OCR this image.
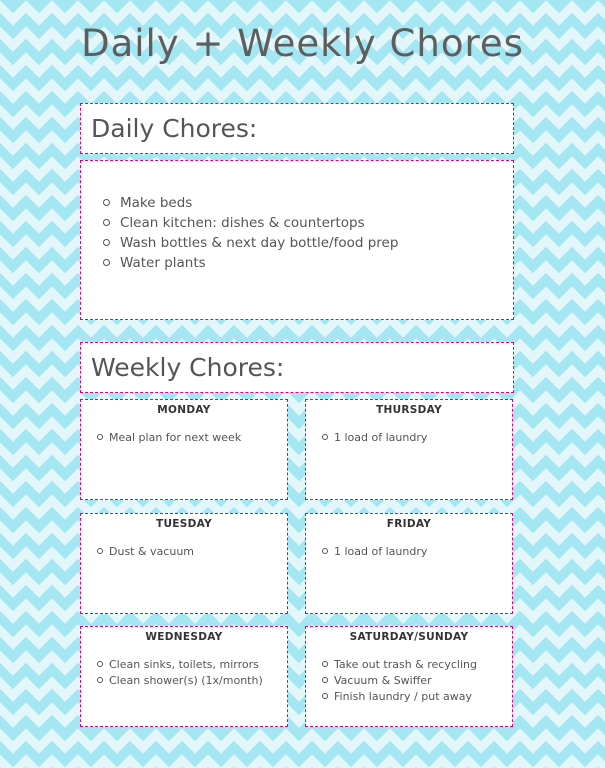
Daily + Weekly Chores
Daily Chores:
Make beds
Clean kitchen: dishes & countertops
Wash bottles & next day bottle/food prep
Water plants
Weekly Chores:
MONDAY
Meal plan for next week
THURSDAY
1 load of laundry
TUESDAY
Dust & vacuum
FRIDAY
1 load of laundry
WEDNESDAY
Clean sinks, toilets, mirrors
Clean shower(s) (1x/month)
SATURDAY/SUNDAY
Take out trash & recycling
Vacuum & Swiffer
Finish laundry / put away
